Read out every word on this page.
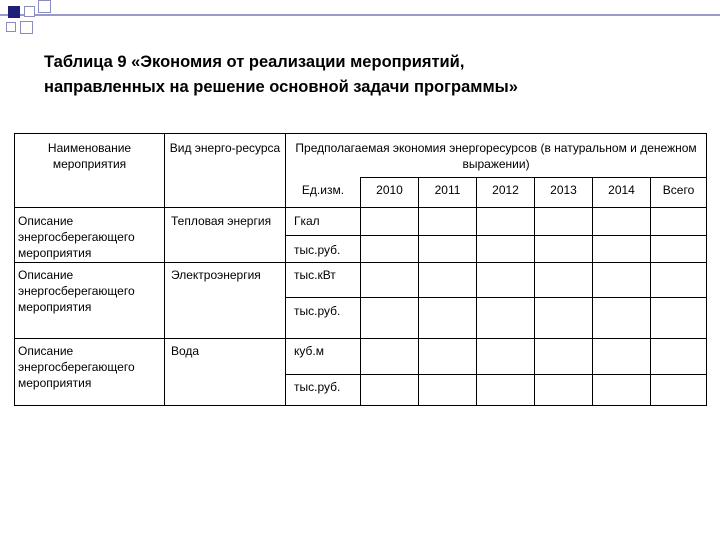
Таблица 9 «Экономия от реализации мероприятий,
направленных на решение основной задачи программы»
Наименование мероприятия	Вид энерго-ресурса	Предполагаемая экономия энергоресурсов (в натуральном и денежном выражении)						
		Ед.изм.	2010	2011	2012	2013	2014	Всего
Описание энергосберегающего мероприятия	Тепловая энергия	Гкал						
		тыс.руб.						
Описание энергосберегающего мероприятия	Электроэнергия	тыс.кВт						
		тыс.руб.						
Описание энергосберегающего мероприятия	Вода	куб.м						
		тыс.руб.						
